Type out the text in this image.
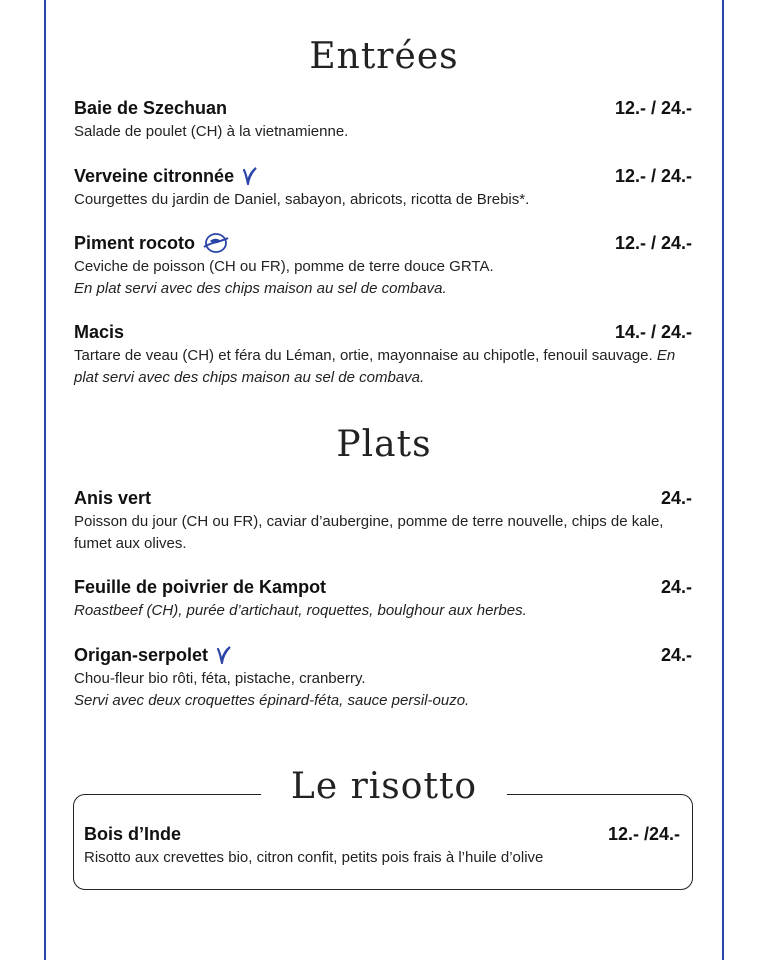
Entrées
Baie de Szechuan	12.- / 24.-
Salade de poulet (CH) à la vietnamienne.
Verveine citronnée	12.- / 24.-
Courgettes du jardin de Daniel, sabayon, abricots, ricotta de Brebis*.
Piment rocoto	12.- / 24.-
Ceviche de poisson (CH ou FR), pomme de terre douce GRTA.
En plat servi avec des chips maison au sel de combava.
Macis	14.- / 24.-
Tartare de veau (CH) et féra du Léman, ortie, mayonnaise au chipotle, fenouil sauvage. En plat servi avec des chips maison au sel de combava.
Plats
Anis vert	24.-
Poisson du jour (CH ou FR), caviar d’aubergine, pomme de terre nouvelle, chips de kale, fumet aux olives.
Feuille de poivrier de Kampot	24.-
Roastbeef (CH), purée d’artichaut, roquettes, boulghour aux herbes.
Origan-serpolet	24.-
Chou-fleur bio rôti, féta, pistache, cranberry.
Servi avec deux croquettes épinard-féta, sauce persil-ouzo.
Le risotto
Bois d’Inde	12.- /24.-
Risotto aux crevettes bio, citron confit, petits pois frais à l’huile d’olive
